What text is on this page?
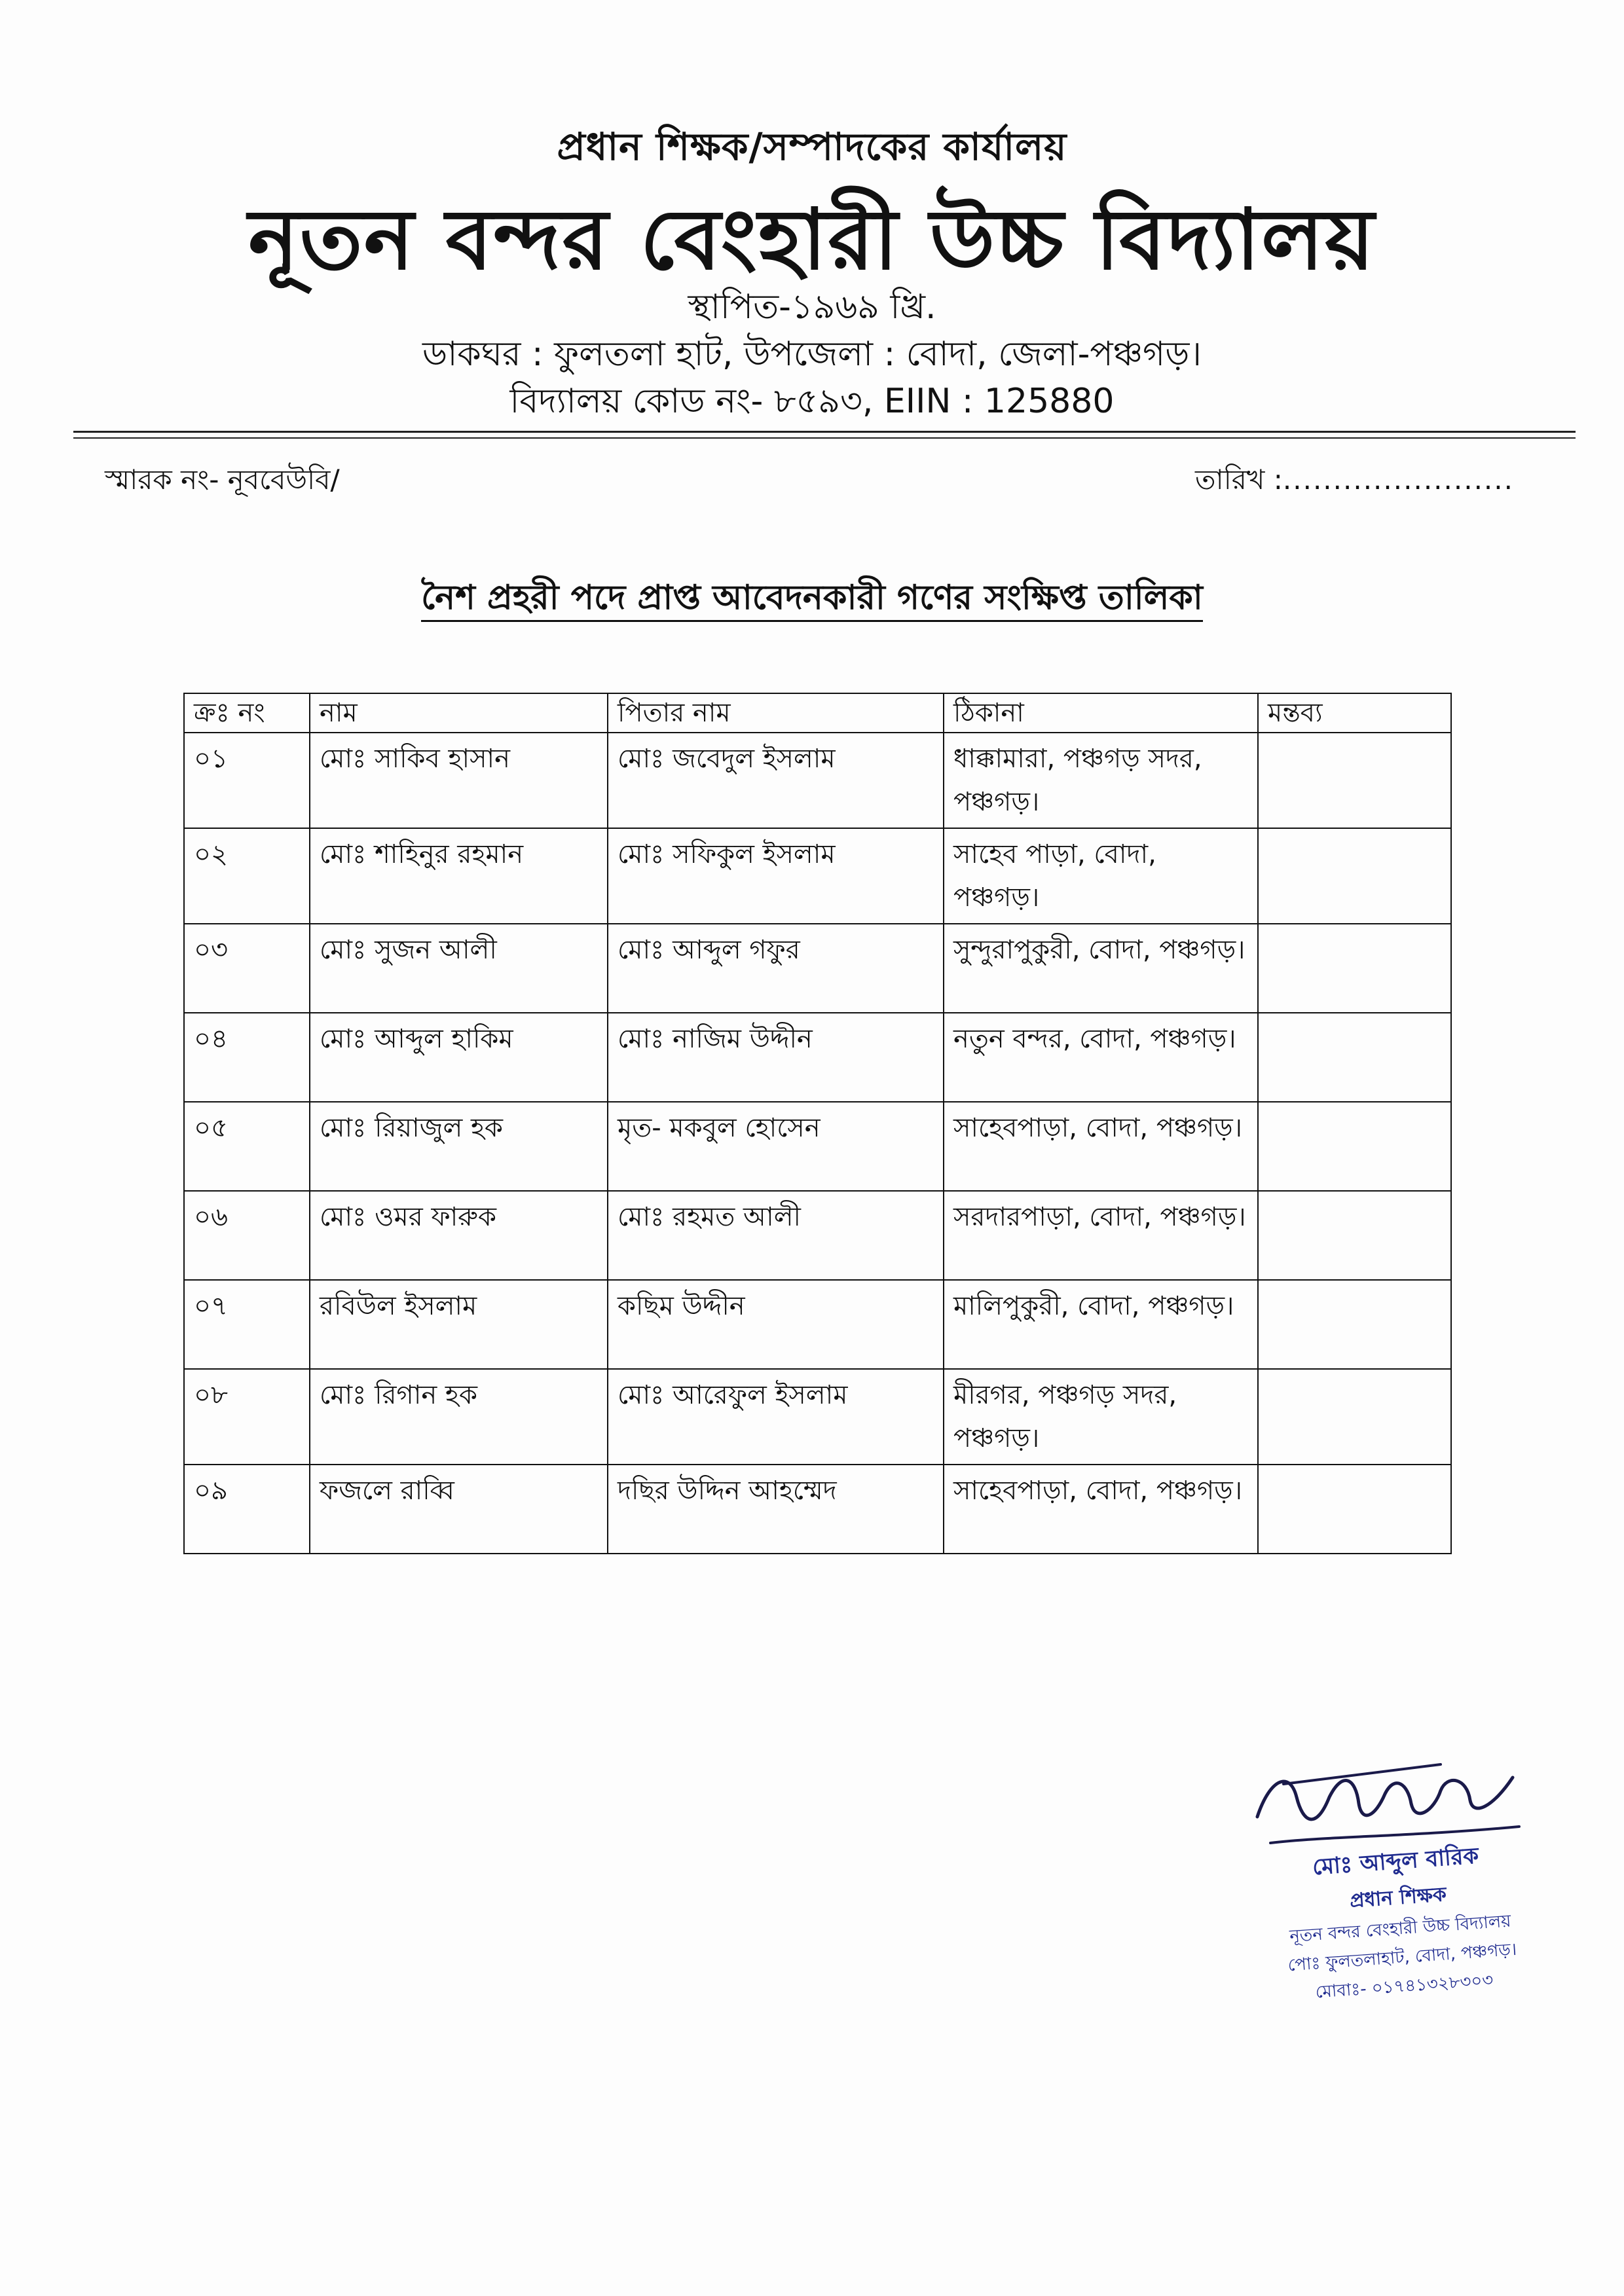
প্রধান শিক্ষক/সম্পাদকের কার্যালয়
নূতন বন্দর বেংহারী উচ্চ বিদ্যালয়
স্থাপিত-১৯৬৯ খ্রি.
ডাকঘর : ফুলতলা হাট, উপজেলা : বোদা, জেলা-পঞ্চগড়।
বিদ্যালয় কোড নং- ৮৫৯৩, EIIN : 125880
স্মারক নং- নূববেউবি/	তারিখ :.......................
নৈশ প্রহরী পদে প্রাপ্ত আবেদনকারী গণের সংক্ষিপ্ত তালিকা
ক্রঃ নং	নাম	পিতার নাম	ঠিকানা	মন্তব্য
০১	মোঃ সাকিব হাসান	মোঃ জবেদুল ইসলাম	ধাক্কামারা, পঞ্চগড় সদর, পঞ্চগড়।	
০২	মোঃ শাহিনুর রহমান	মোঃ সফিকুল ইসলাম	সাহেব পাড়া, বোদা, পঞ্চগড়।	
০৩	মোঃ সুজন আলী	মোঃ আব্দুল গফুর	সুন্দুরাপুকুরী, বোদা, পঞ্চগড়।	
০৪	মোঃ আব্দুল হাকিম	মোঃ নাজিম উদ্দীন	নতুন বন্দর, বোদা, পঞ্চগড়।	
০৫	মোঃ রিয়াজুল হক	মৃত- মকবুল হোসেন	সাহেবপাড়া, বোদা, পঞ্চগড়।	
০৬	মোঃ ওমর ফারুক	মোঃ রহমত আলী	সরদারপাড়া, বোদা, পঞ্চগড়।	
০৭	রবিউল ইসলাম	কছিম উদ্দীন	মালিপুকুরী, বোদা, পঞ্চগড়।	
০৮	মোঃ রিগান হক	মোঃ আরেফুল ইসলাম	মীরগর, পঞ্চগড় সদর, পঞ্চগড়।	
০৯	ফজলে রাব্বি	দছির উদ্দিন আহম্মেদ	সাহেবপাড়া, বোদা, পঞ্চগড়।	
মোঃ আব্দুল বারিক
প্রধান শিক্ষক
নূতন বন্দর বেংহারী উচ্চ বিদ্যালয়
পোঃ ফুলতলাহাট, বোদা, পঞ্চগড়।
মোবাঃ- ০১৭৪১৩২৮৩০৩
